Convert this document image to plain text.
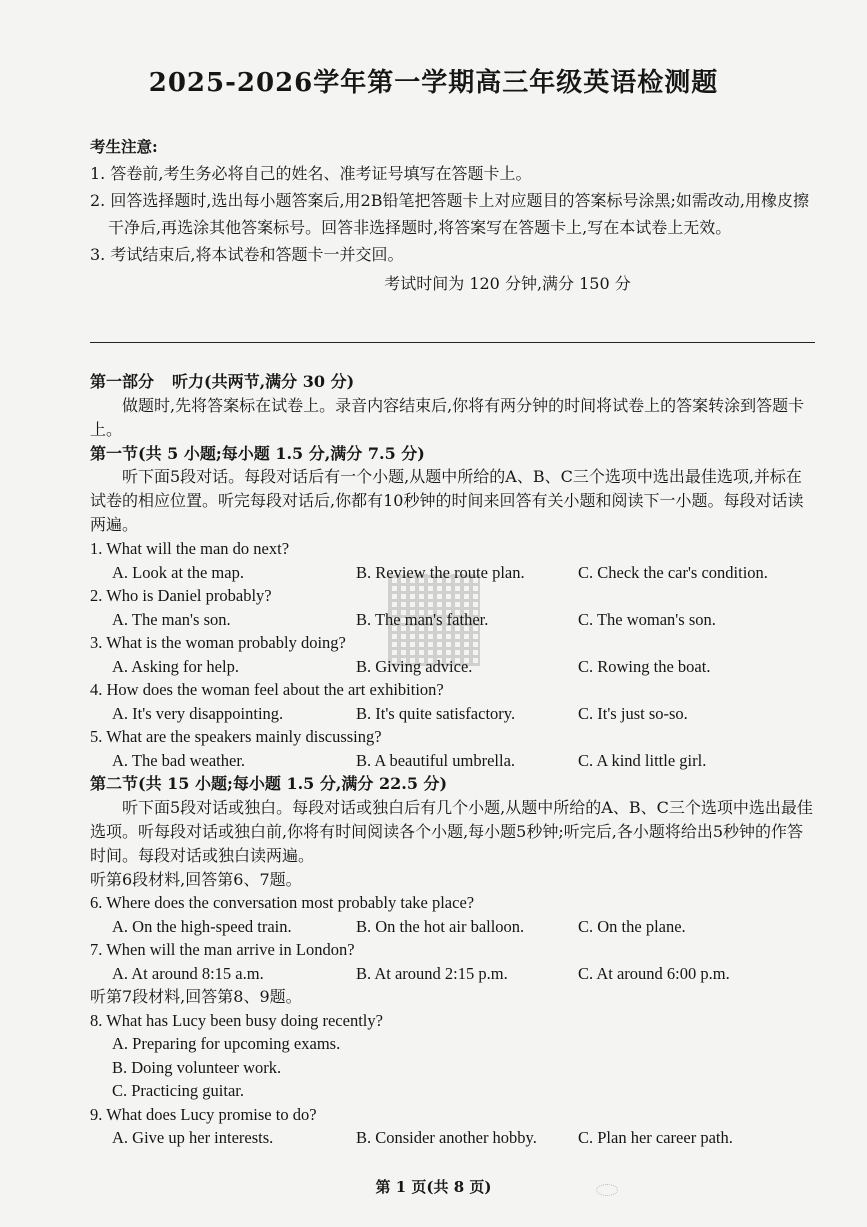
2025-2026学年第一学期高三年级英语检测题
考生注意:
1. 答卷前,考生务必将自己的姓名、准考证号填写在答题卡上。
2. 回答选择题时,选出每小题答案后,用2B铅笔把答题卡上对应题目的答案标号涂黑;如需改动,用橡皮擦干净后,再选涂其他答案标号。回答非选择题时,将答案写在答题卡上,写在本试卷上无效。
3. 考试结束后,将本试卷和答题卡一并交回。
考试时间为 120 分钟,满分 150 分
第一部分 听力(共两节,满分 30 分)
做题时,先将答案标在试卷上。录音内容结束后,你将有两分钟的时间将试卷上的答案转涂到答题卡上。
第一节(共 5 小题;每小题 1.5 分,满分 7.5 分)
听下面5段对话。每段对话后有一个小题,从题中所给的A、B、C三个选项中选出最佳选项,并标在试卷的相应位置。听完每段对话后,你都有10秒钟的时间来回答有关小题和阅读下一小题。每段对话读两遍。
1. What will the man do next?
A. Look at the map.	B. Review the route plan.	C. Check the car's condition.
2. Who is Daniel probably?
A. The man's son.	B. The man's father.	C. The woman's son.
3. What is the woman probably doing?
A. Asking for help.	B. Giving advice.	C. Rowing the boat.
4. How does the woman feel about the art exhibition?
A. It's very disappointing.	B. It's quite satisfactory.	C. It's just so-so.
5. What are the speakers mainly discussing?
A. The bad weather.	B. A beautiful umbrella.	C. A kind little girl.
第二节(共 15 小题;每小题 1.5 分,满分 22.5 分)
听下面5段对话或独白。每段对话或独白后有几个小题,从题中所给的A、B、C三个选项中选出最佳选项。听每段对话或独白前,你将有时间阅读各个小题,每小题5秒钟;听完后,各小题将给出5秒钟的作答时间。每段对话或独白读两遍。
听第6段材料,回答第6、7题。
6. Where does the conversation most probably take place?
A. On the high-speed train.	B. On the hot air balloon.	C. On the plane.
7. When will the man arrive in London?
A. At around 8:15 a.m.	B. At around 2:15 p.m.	C. At around 6:00 p.m.
听第7段材料,回答第8、9题。
8. What has Lucy been busy doing recently?
A. Preparing for upcoming exams.
B. Doing volunteer work.
C. Practicing guitar.
9. What does Lucy promise to do?
A. Give up her interests.	B. Consider another hobby.	C. Plan her career path.
第 1 页(共 8 页)
